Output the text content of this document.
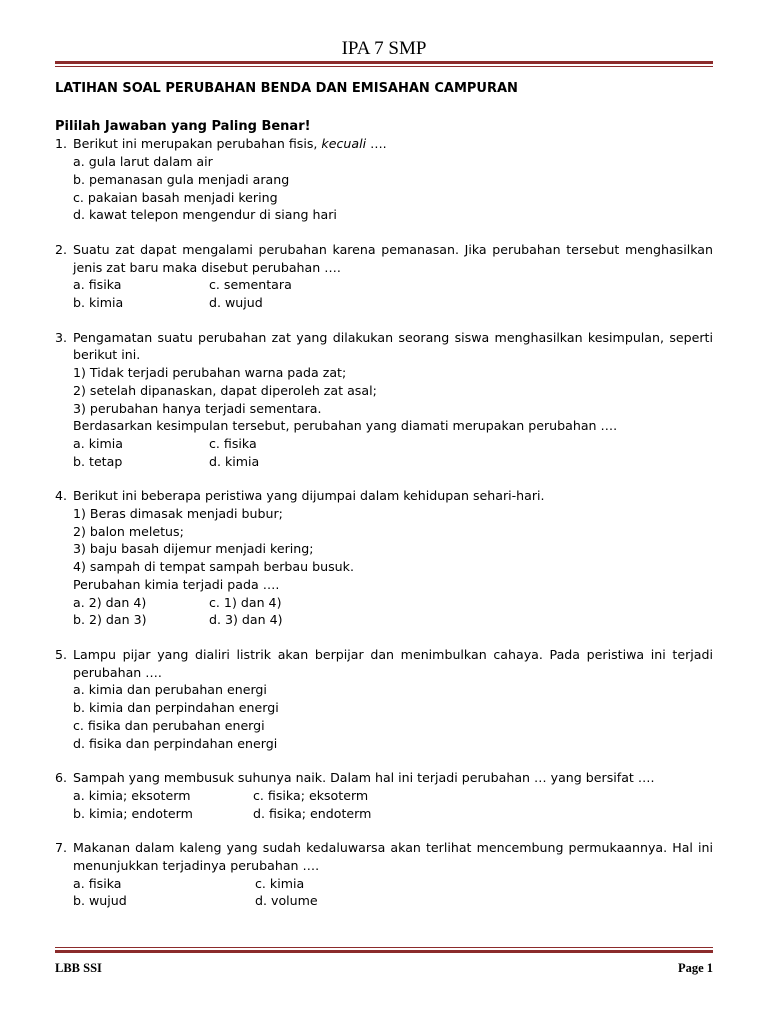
IPA 7 SMP

LATIHAN SOAL PERUBAHAN BENDA DAN EMISAHAN CAMPURAN

Pililah Jawaban yang Paling Benar!

1. Berikut ini merupakan perubahan fisis, kecuali ….
a. gula larut dalam air
b. pemanasan gula menjadi arang
c. pakaian basah menjadi kering
d. kawat telepon mengendur di siang hari
2. Suatu zat dapat mengalami perubahan karena pemanasan. Jika perubahan tersebut menghasilkan jenis zat baru maka disebut perubahan ….
a. fisika	c. sementara
b. kimia	d. wujud
3. Pengamatan suatu perubahan zat yang dilakukan seorang siswa menghasilkan kesimpulan, seperti berikut ini.
1) Tidak terjadi perubahan warna pada zat;
2) setelah dipanaskan, dapat diperoleh zat asal;
3) perubahan hanya terjadi sementara.
Berdasarkan kesimpulan tersebut, perubahan yang diamati merupakan perubahan ….
a. kimia	c. fisika
b. tetap	d. kimia
4. Berikut ini beberapa peristiwa yang dijumpai dalam kehidupan sehari-hari.
1) Beras dimasak menjadi bubur;
2) balon meletus;
3) baju basah dijemur menjadi kering;
4) sampah di tempat sampah berbau busuk.
Perubahan kimia terjadi pada ….
a. 2) dan 4)	c. 1) dan 4)
b. 2) dan 3)	d. 3) dan 4)
5. Lampu pijar yang dialiri listrik akan berpijar dan menimbulkan cahaya. Pada peristiwa ini terjadi perubahan ….
a. kimia dan perubahan energi
b. kimia dan perpindahan energi
c. fisika dan perubahan energi
d. fisika dan perpindahan energi
6. Sampah yang membusuk suhunya naik. Dalam hal ini terjadi perubahan … yang bersifat ….
a. kimia; eksoterm	c. fisika; eksoterm
b. kimia; endoterm	d. fisika; endoterm
7. Makanan dalam kaleng yang sudah kedaluwarsa akan terlihat mencembung permukaannya. Hal ini menunjukkan terjadinya perubahan ….
a. fisika	c. kimia
b. wujud	d. volume
LBB SSI	Page 1
